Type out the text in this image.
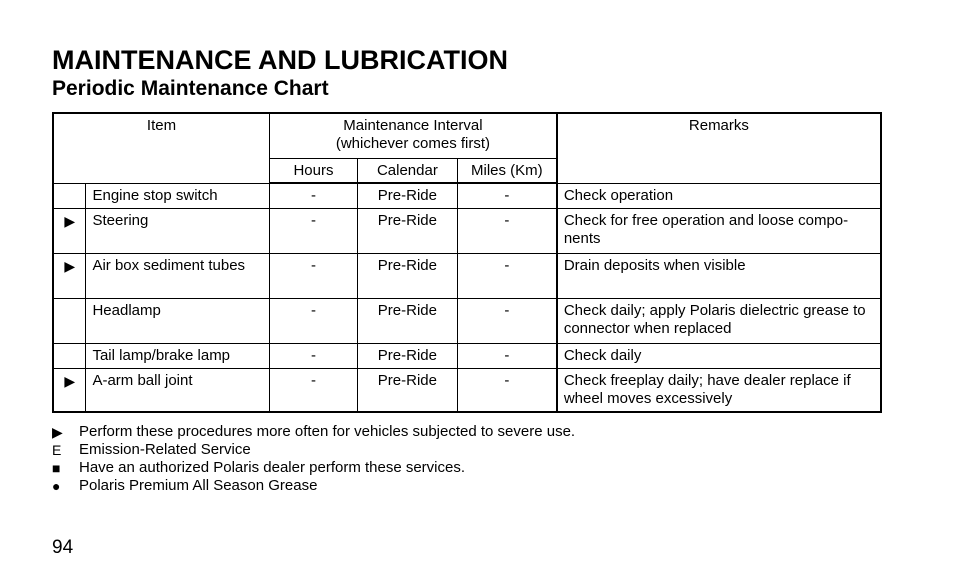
MAINTENANCE AND LUBRICATION
Periodic Maintenance Chart
Item		Maintenance Interval
(whichever comes first)			Remarks
		Hours	Calendar	Miles (Km)	
	Engine stop switch	-	Pre-Ride	-	Check operation
▶	Steering	-	Pre-Ride	-	Check for free operation and loose compo-
nents
▶	Air box sediment tubes	-	Pre-Ride	-	Drain deposits when visible
	Headlamp	-	Pre-Ride	-	Check daily; apply Polaris dielectric grease to connector when replaced
	Tail lamp/brake lamp	-	Pre-Ride	-	Check daily
▶	A-arm ball joint	-	Pre-Ride	-	Check freeplay daily; have dealer replace if wheel moves excessively
▶	Perform these procedures more often for vehicles subjected to severe use.
E	Emission-Related Service
■	Have an authorized Polaris dealer perform these services.
●	Polaris Premium All Season Grease
94
